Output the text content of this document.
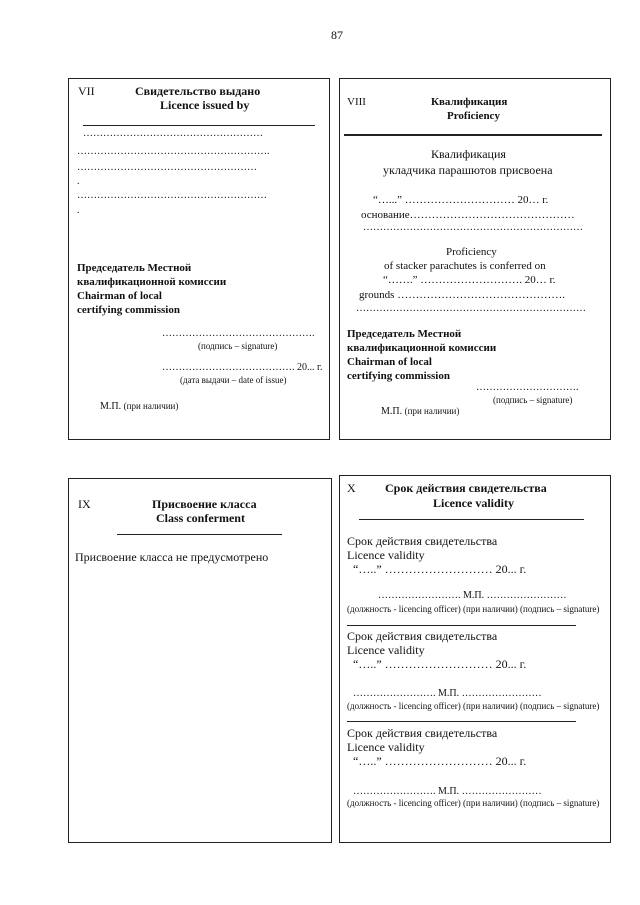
87
VII	Свидетельство выдано
Licence issued by
………………………………………………
………………………………………………….
………………………………………………
.
…………………………………………………
.
Председатель Местной
квалификационной комиссии
Chairman of local
certifying commission
……………………………………….
(подпись – signature)
…………………………………. 20... г.
(дата выдачи – date of issue)
М.П. (при наличии)
VIII	Квалификация
Proficiency
Квалификация
укладчика парашютов присвоена
“…...” ………………………… 20… г.
основание………………………………………
…………………………………………………………
Proficiency
of stacker parachutes is conferred on
“…….” ………………………. 20… г.
grounds ……………………………………….
……………………………………………………………
Председатель Местной
квалификационной комиссии
Chairman of local
certifying commission
………………………….
(подпись – signature)
М.П. (при наличии)
IX	Присвоение класса
Class conferment
Присвоение класса не предусмотрено
X Срок действия свидетельства
Licence validity
Срок действия свидетельства
Licence validity
“…..” ……………………… 20... г.
……………………. М.П. ……………………
(должность - licencing officer) (при наличии) (подпись – signature)
Срок действия свидетельства
Licence validity
“…..” ……………………… 20... г.
……………………. М.П. ……………………
(должность - licencing officer) (при наличии) (подпись – signature)
Срок действия свидетельства
Licence validity
“…..” ……………………… 20... г.
……………………. М.П. ……………………
(должность - licencing officer) (при наличии) (подпись – signature)
